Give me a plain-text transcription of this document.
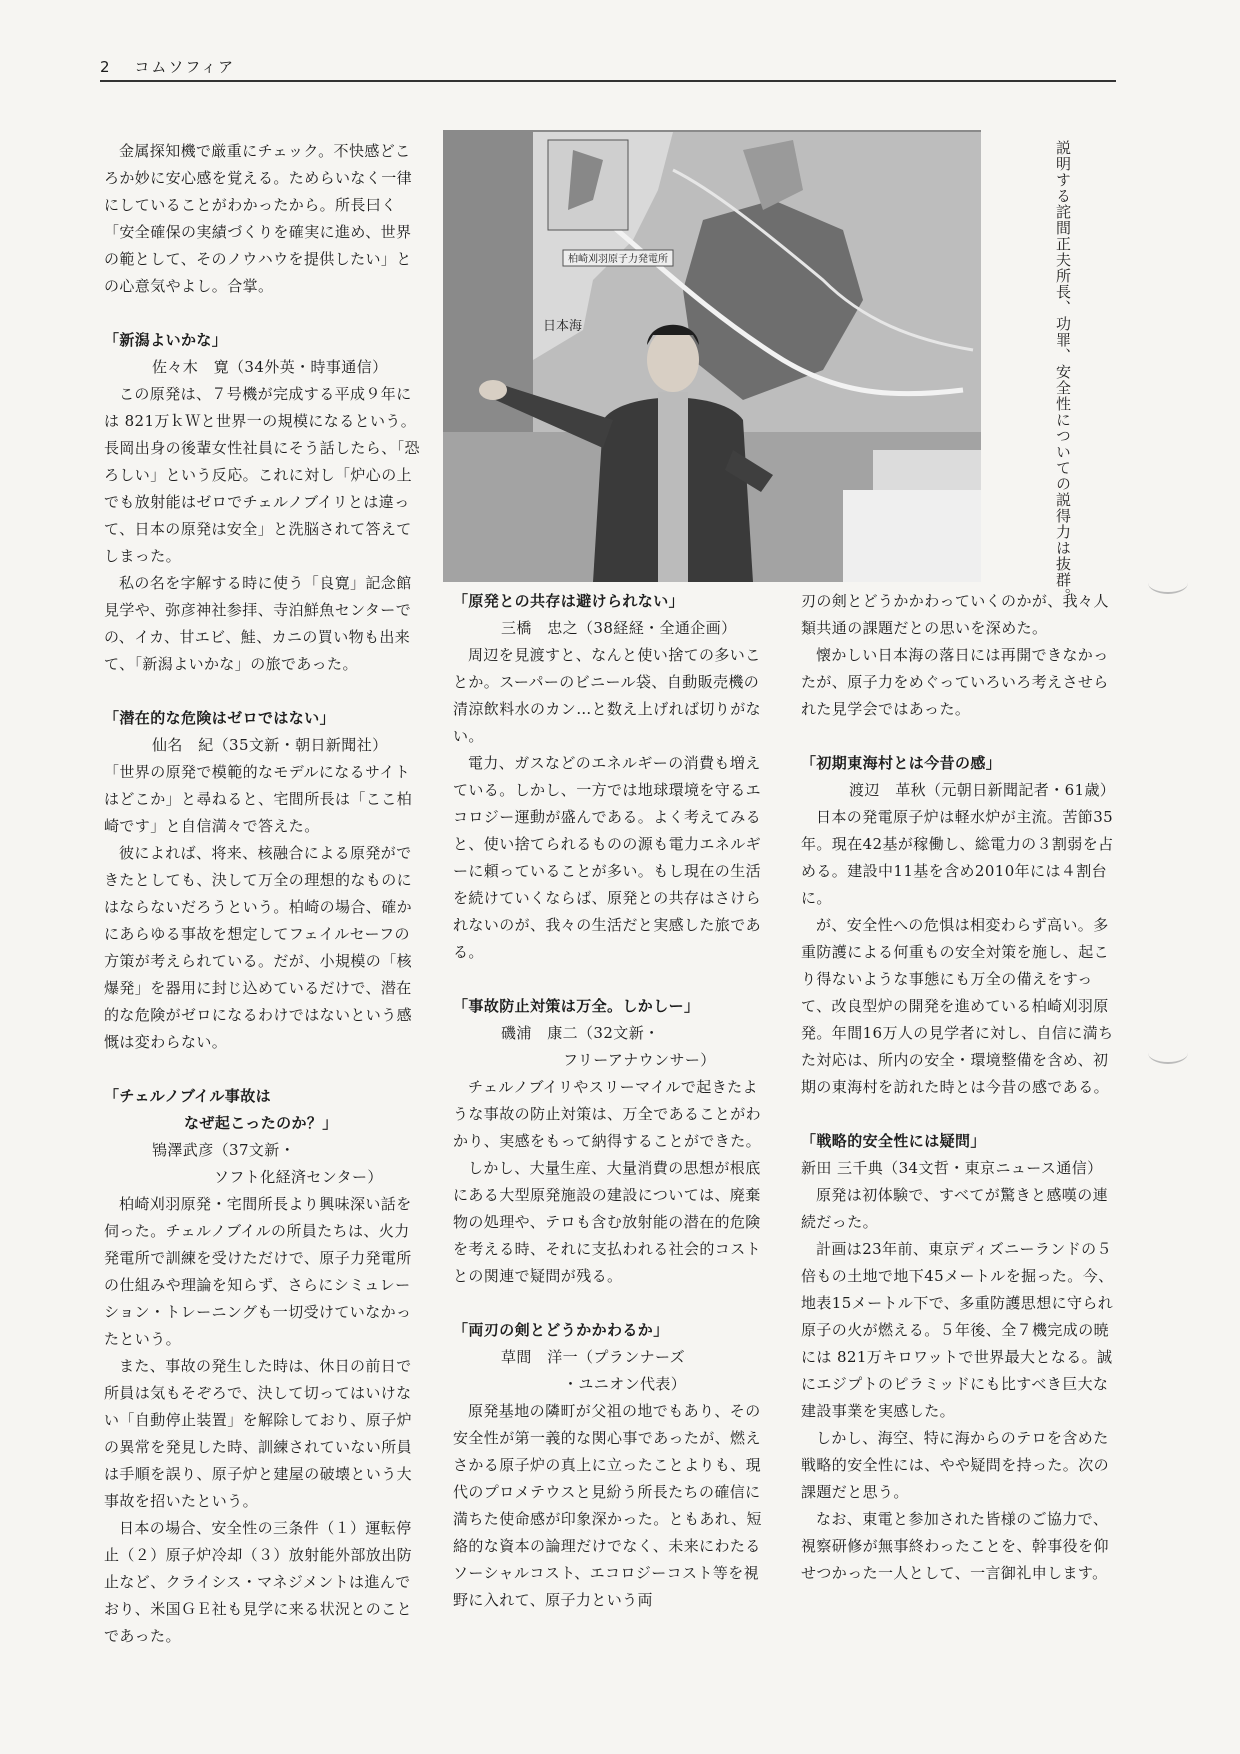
2 コムソフィア
柏崎刈羽原子力発電所
日本海	説明する詫間正夫所長、功罪、安全性についての説得力は抜群。

金属探知機で厳重にチェック。不快感どころか妙に安心感を覚える。ためらいなく一律にしていることがわかったから。所長曰く「安全確保の実績づくりを確実に進め、世界の範として、そのノウハウを提供したい」との心意気やよし。合掌。

「新潟よいかな」

佐々木　寛（34外英・時事通信）

この原発は、７号機が完成する平成９年には 821万ｋＷと世界一の規模になるという。

長岡出身の後輩女性社員にそう話したら、「恐ろしい」という反応。これに対し「炉心の上でも放射能はゼロでチェルノブイリとは違って、日本の原発は安全」と洗脳されて答えてしまった。

私の名を字解する時に使う「良寛」記念館見学や、弥彦神社参拝、寺泊鮮魚センターでの、イカ、甘エビ、鮭、カニの買い物も出来て、「新潟よいかな」の旅であった。

「潜在的な危険はゼロではない」

仙名　紀（35文新・朝日新聞社）

「世界の原発で模範的なモデルになるサイトはどこか」と尋ねると、宅間所長は「ここ柏崎です」と自信満々で答えた。

彼によれば、将来、核融合による原発ができたとしても、決して万全の理想的なものにはならないだろうという。柏崎の場合、確かにあらゆる事故を想定してフェイルセーフの方策が考えられている。だが、小規模の「核爆発」を器用に封じ込めているだけで、潜在的な危険がゼロになるわけではないという感慨は変わらない。

「チェルノブイル事故は

なぜ起こったのか？」

鴇澤武彦（37文新・

ソフト化経済センター）

柏崎刈羽原発・宅間所長より興味深い話を伺った。チェルノブイルの所員たちは、火力発電所で訓練を受けただけで、原子力発電所の仕組みや理論を知らず、さらにシミュレーション・トレーニングも一切受けていなかったという。

また、事故の発生した時は、休日の前日で所員は気もそぞろで、決して切ってはいけない「自動停止装置」を解除しており、原子炉の異常を発見した時、訓練されていない所員は手順を誤り、原子炉と建屋の破壊という大事故を招いたという。

日本の場合、安全性の三条件（１）運転停止（２）原子炉冷却（３）放射能外部放出防止など、クライシス・マネジメントは進んでおり、米国ＧＥ社も見学に来る状況とのことであった。

「原発との共存は避けられない」

三橋　忠之（38経経・全通企画）

周辺を見渡すと、なんと使い捨ての多いことか。スーパーのビニール袋、自動販売機の清涼飲料水のカン…と数え上げれば切りがない。

電力、ガスなどのエネルギーの消費も増えている。しかし、一方では地球環境を守るエコロジー運動が盛んである。よく考えてみると、使い捨てられるものの源も電力エネルギーに頼っていることが多い。もし現在の生活を続けていくならば、原発との共存はさけられないのが、我々の生活だと実感した旅である。

「事故防止対策は万全。しかしー」

磯浦　康二（32文新・

フリーアナウンサー）

チェルノブイリやスリーマイルで起きたような事故の防止対策は、万全であることがわかり、実感をもって納得することができた。

しかし、大量生産、大量消費の思想が根底にある大型原発施設の建設については、廃棄物の処理や、テロも含む放射能の潜在的危険を考える時、それに支払われる社会的コストとの関連で疑問が残る。

「両刃の剣とどうかかわるか」

草間　洋一（プランナーズ

・ユニオン代表）

原発基地の隣町が父祖の地でもあり、その安全性が第一義的な関心事であったが、燃えさかる原子炉の真上に立ったことよりも、現代のプロメテウスと見紛う所長たちの確信に満ちた使命感が印象深かった。ともあれ、短絡的な資本の論理だけでなく、未来にわたるソーシャルコスト、エコロジーコスト等を視野に入れて、原子力という両

刃の剣とどうかかわっていくのかが、我々人類共通の課題だとの思いを深めた。

懐かしい日本海の落日には再開できなかったが、原子力をめぐっていろいろ考えさせられた見学会ではあった。

「初期東海村とは今昔の感」

渡辺　革秋（元朝日新聞記者・61歳）

日本の発電原子炉は軽水炉が主流。苦節35年。現在42基が稼働し、総電力の３割弱を占める。建設中11基を含め2010年には４割台に。

が、安全性への危惧は相変わらず高い。多重防護による何重もの安全対策を施し、起こり得ないような事態にも万全の備えをすって、改良型炉の開発を進めている柏崎刈羽原発。年間16万人の見学者に対し、自信に満ちた対応は、所内の安全・環境整備を含め、初期の東海村を訪れた時とは今昔の感である。

「戦略的安全性には疑問」

新田 三千典（34文哲・東京ニュース通信）

原発は初体験で、すべてが驚きと感嘆の連続だった。

計画は23年前、東京ディズニーランドの５倍もの土地で地下45メートルを掘った。今、地表15メートル下で、多重防護思想に守られ原子の火が燃える。５年後、全７機完成の暁には 821万キロワットで世界最大となる。誠にエジプトのピラミッドにも比すべき巨大な建設事業を実感した。

しかし、海空、特に海からのテロを含めた戦略的安全性には、やや疑問を持った。次の課題だと思う。

なお、東電と参加された皆様のご協力で、視察研修が無事終わったことを、幹事役を仰せつかった一人として、一言御礼申します。
